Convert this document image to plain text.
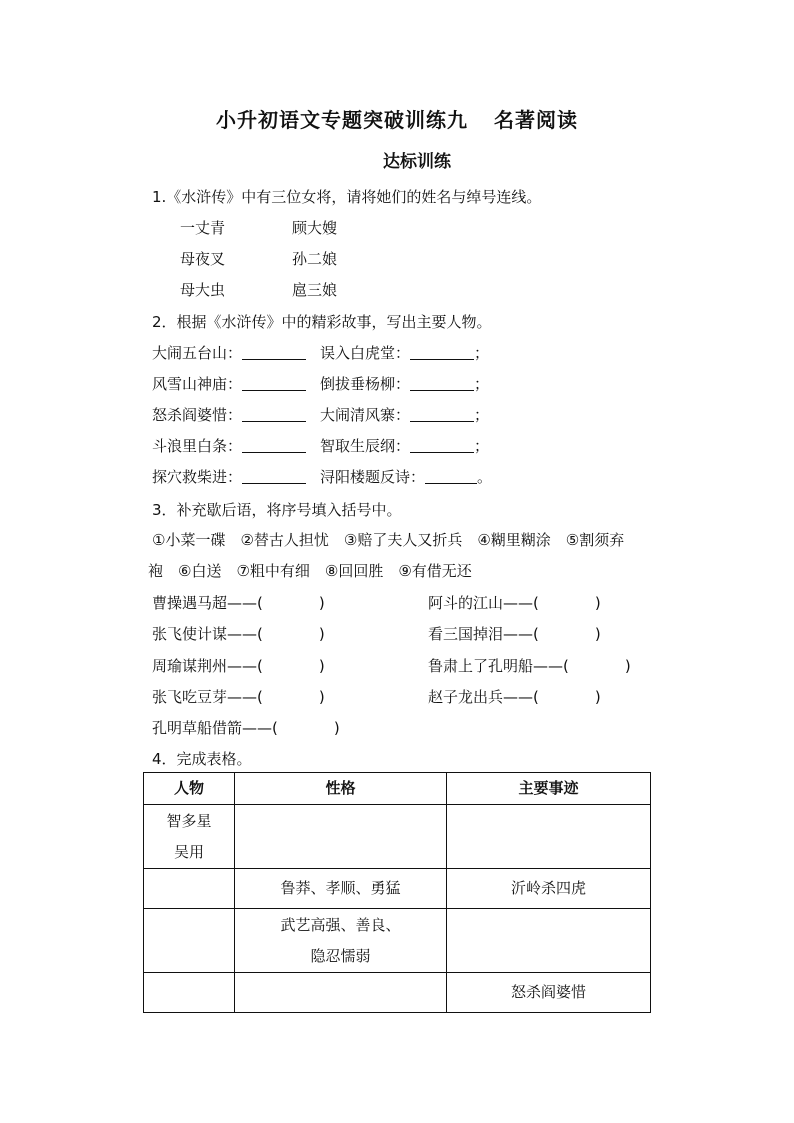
小升初语文专题突破训练九 名著阅读
达标训练
1.《水浒传》中有三位女将，请将她们的姓名与绰号连线。
一丈青	顾大嫂
母夜叉	孙二娘
母大虫	扈三娘
2．根据《水浒传》中的精彩故事，写出主要人物。
大闹五台山：	误入白虎堂：	；
风雪山神庙：	倒拔垂杨柳：	；
怒杀阎婆惜：	大闹清风寨：	；
斗浪里白条：	智取生辰纲：	；
探穴救柴进：	浔阳楼题反诗：	。
3．补充歇后语，将序号填入括号中。
①小菜一碟　②替古人担忧　③赔了夫人又折兵　④糊里糊涂　⑤割须弃
袍　⑥白送　⑦粗中有细　⑧回回胜　⑨有借无还
曹操遇马超——(	)	阿斗的江山——(	)
张飞使计谋——(	)	看三国掉泪——(	)
周瑜谋荆州——(	)	鲁肃上了孔明船——(	)
张飞吃豆芽——(	)	赵子龙出兵——(	)
孔明草船借箭——(	)
4．完成表格。
人物	性格	主要事迹

智多星
吴用		

	鲁莽、孝顺、勇猛	沂岭杀四虎

	武艺高强、善良、
隐忍懦弱	

		怒杀阎婆惜
